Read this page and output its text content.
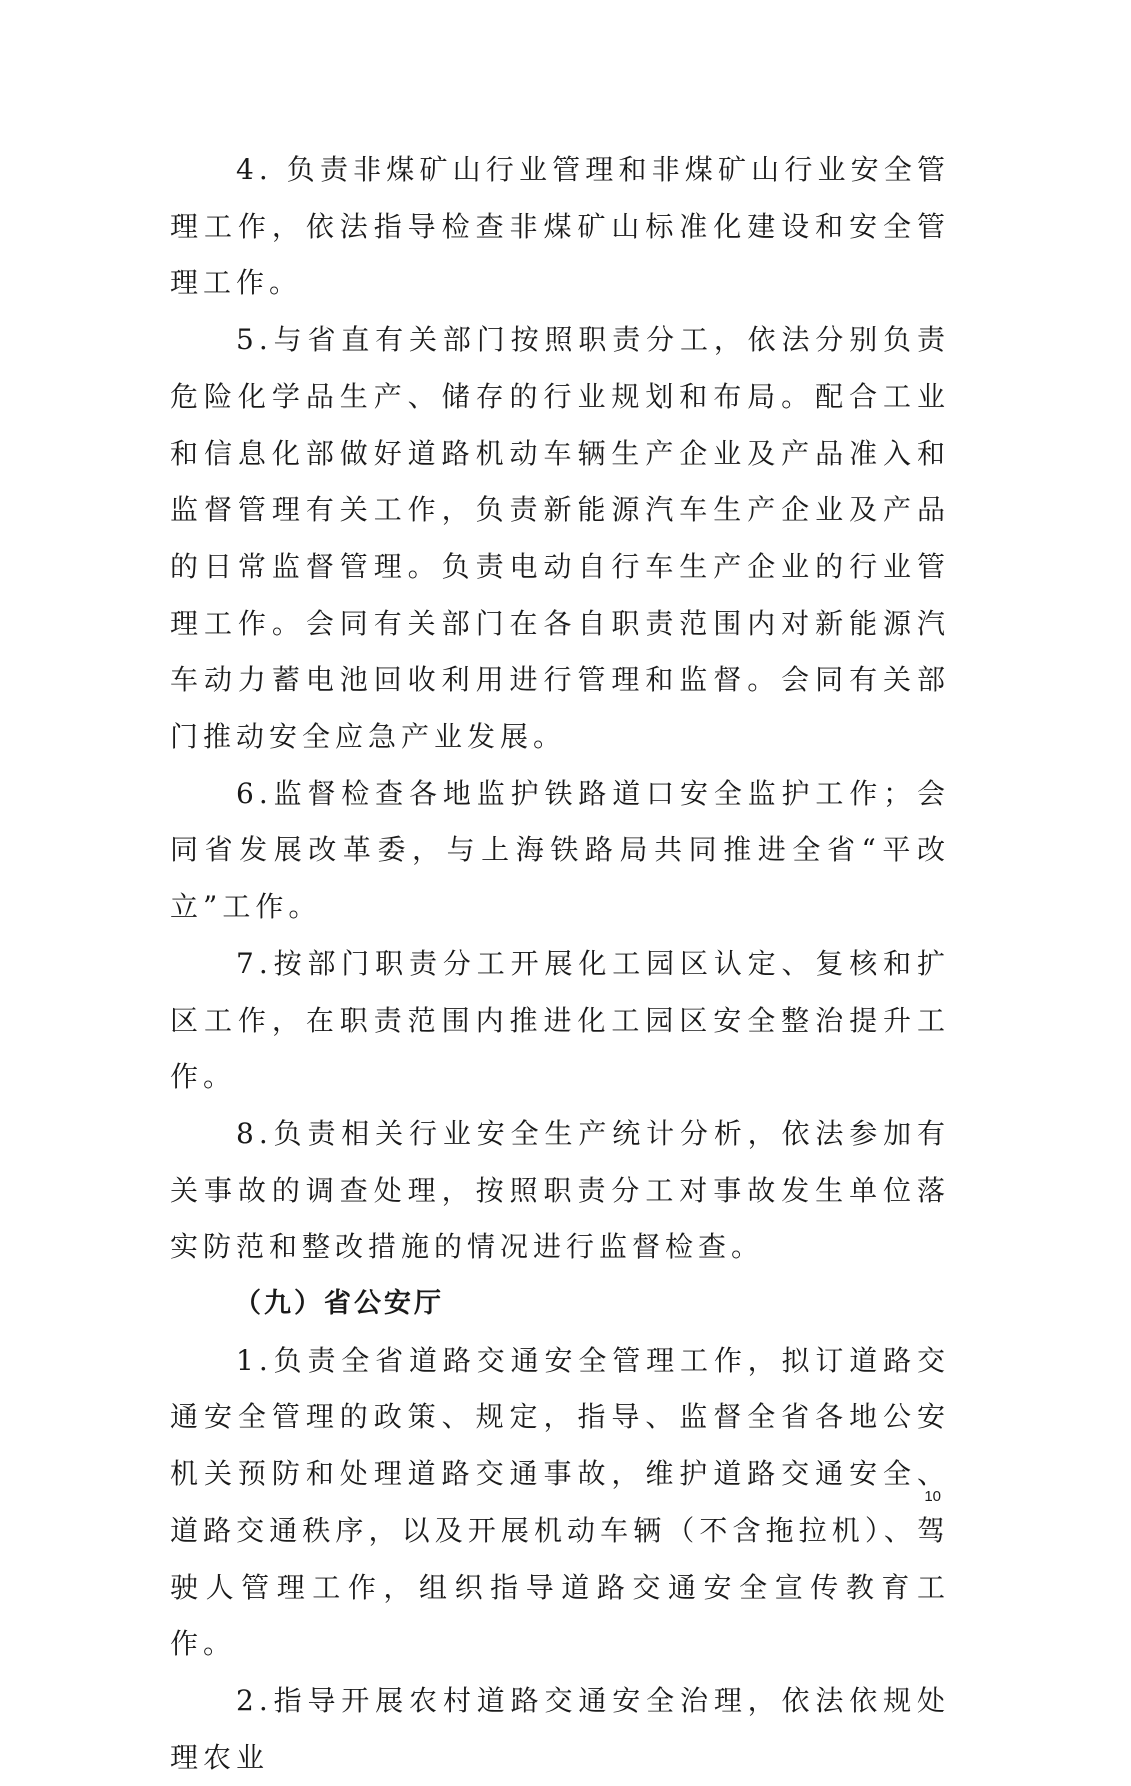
4. 负责非煤矿山行业管理和非煤矿山行业安全管理工作，依法指导检查非煤矿山标准化建设和安全管理工作。

5.与省直有关部门按照职责分工，依法分别负责危险化学品生产、储存的行业规划和布局。配合工业和信息化部做好道路机动车辆生产企业及产品准入和监督管理有关工作，负责新能源汽车生产企业及产品的日常监督管理。负责电动自行车生产企业的行业管理工作。会同有关部门在各自职责范围内对新能源汽车动力蓄电池回收利用进行管理和监督。会同有关部门推动安全应急产业发展。

6.监督检查各地监护铁路道口安全监护工作；会同省发展改革委，与上海铁路局共同推进全省“平改立”工作。

7.按部门职责分工开展化工园区认定、复核和扩区工作，在职责范围内推进化工园区安全整治提升工作。

8.负责相关行业安全生产统计分析，依法参加有关事故的调查处理，按照职责分工对事故发生单位落实防范和整改措施的情况进行监督检查。

（九）省公安厅

1.负责全省道路交通安全管理工作，拟订道路交通安全管理的政策、规定，指导、监督全省各地公安机关预防和处理道路交通事故，维护道路交通安全、道路交通秩序，以及开展机动车辆（不含拖拉机）、驾驶人管理工作，组织指导道路交通安全宣传教育工作。

2.指导开展农村道路交通安全治理，依法依规处理农业

10
